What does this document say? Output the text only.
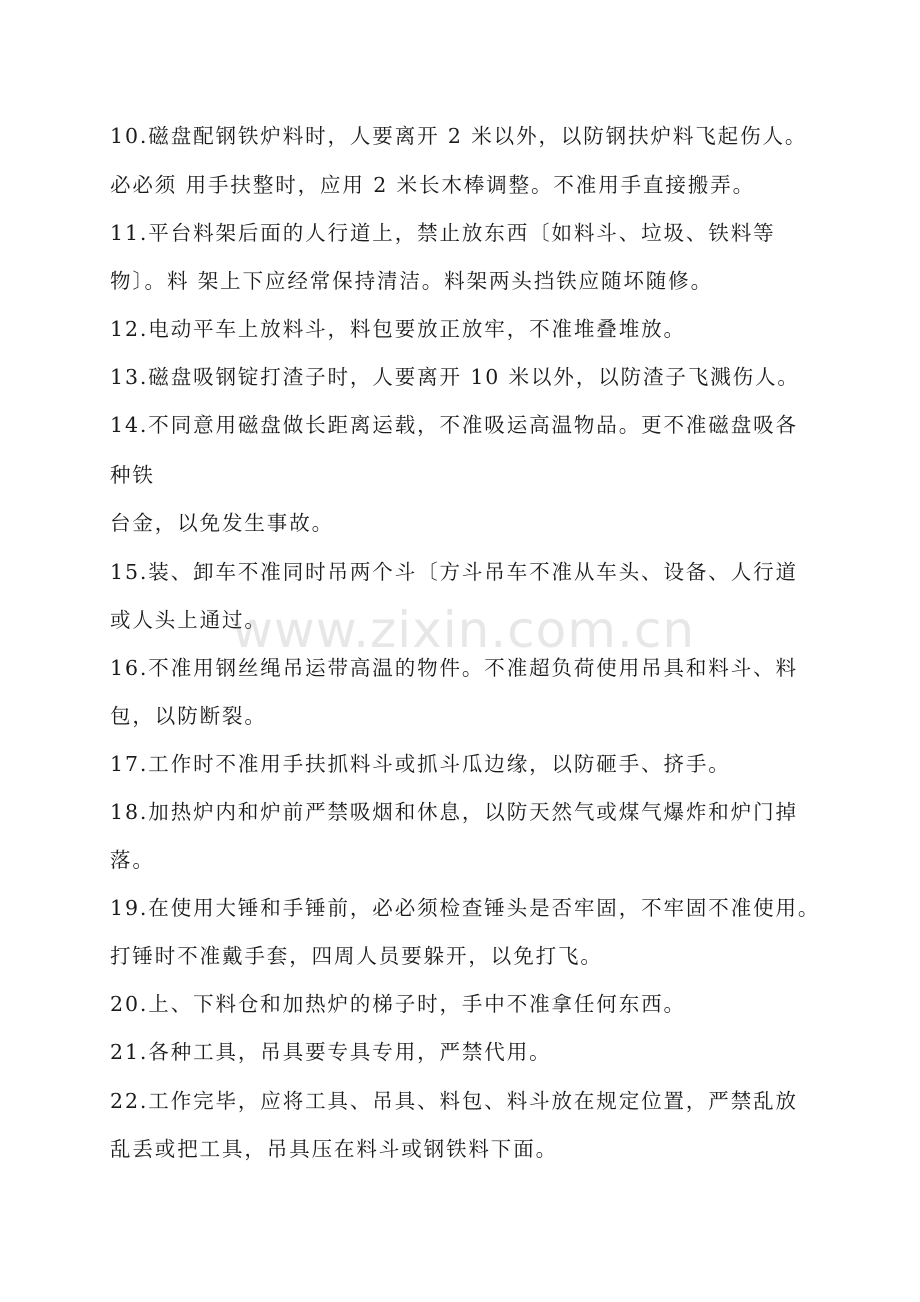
10.磁盘配钢铁炉料时，人要离开 2 米以外，以防钢扶炉料飞起伤人。
必必须 用手扶整时，应用 2 米长木棒调整。不准用手直接搬弄。
11.平台料架后面的人行道上，禁止放东西〔如料斗、垃圾、铁料等
物〕。料 架上下应经常保持清洁。料架两头挡铁应随坏随修。
12.电动平车上放料斗，料包要放正放牢，不准堆叠堆放。
13.磁盘吸钢锭打渣子时，人要离开 10 米以外，以防渣子飞溅伤人。
14.不同意用磁盘做长距离运载，不准吸运高温物品。更不准磁盘吸各
种铁
台金，以免发生事故。
15.装、卸车不准同时吊两个斗〔方斗吊车不准从车头、设备、人行道
或人头上通过。
16.不准用钢丝绳吊运带高温的物件。不准超负荷使用吊具和料斗、料
包，以防断裂。
17.工作时不准用手扶抓料斗或抓斗瓜边缘，以防砸手、挤手。
18.加热炉内和炉前严禁吸烟和休息，以防天然气或煤气爆炸和炉门掉
落。
19.在使用大锤和手锤前，必必须检查锤头是否牢固，不牢固不准使用。
打锤时不准戴手套，四周人员要躲开，以免打飞。
20.上、下料仓和加热炉的梯子时，手中不准拿任何东西。
21.各种工具，吊具要专具专用，严禁代用。
22.工作完毕，应将工具、吊具、料包、料斗放在规定位置，严禁乱放
乱丢或把工具，吊具压在料斗或钢铁料下面。
www.zixin.com.cn
